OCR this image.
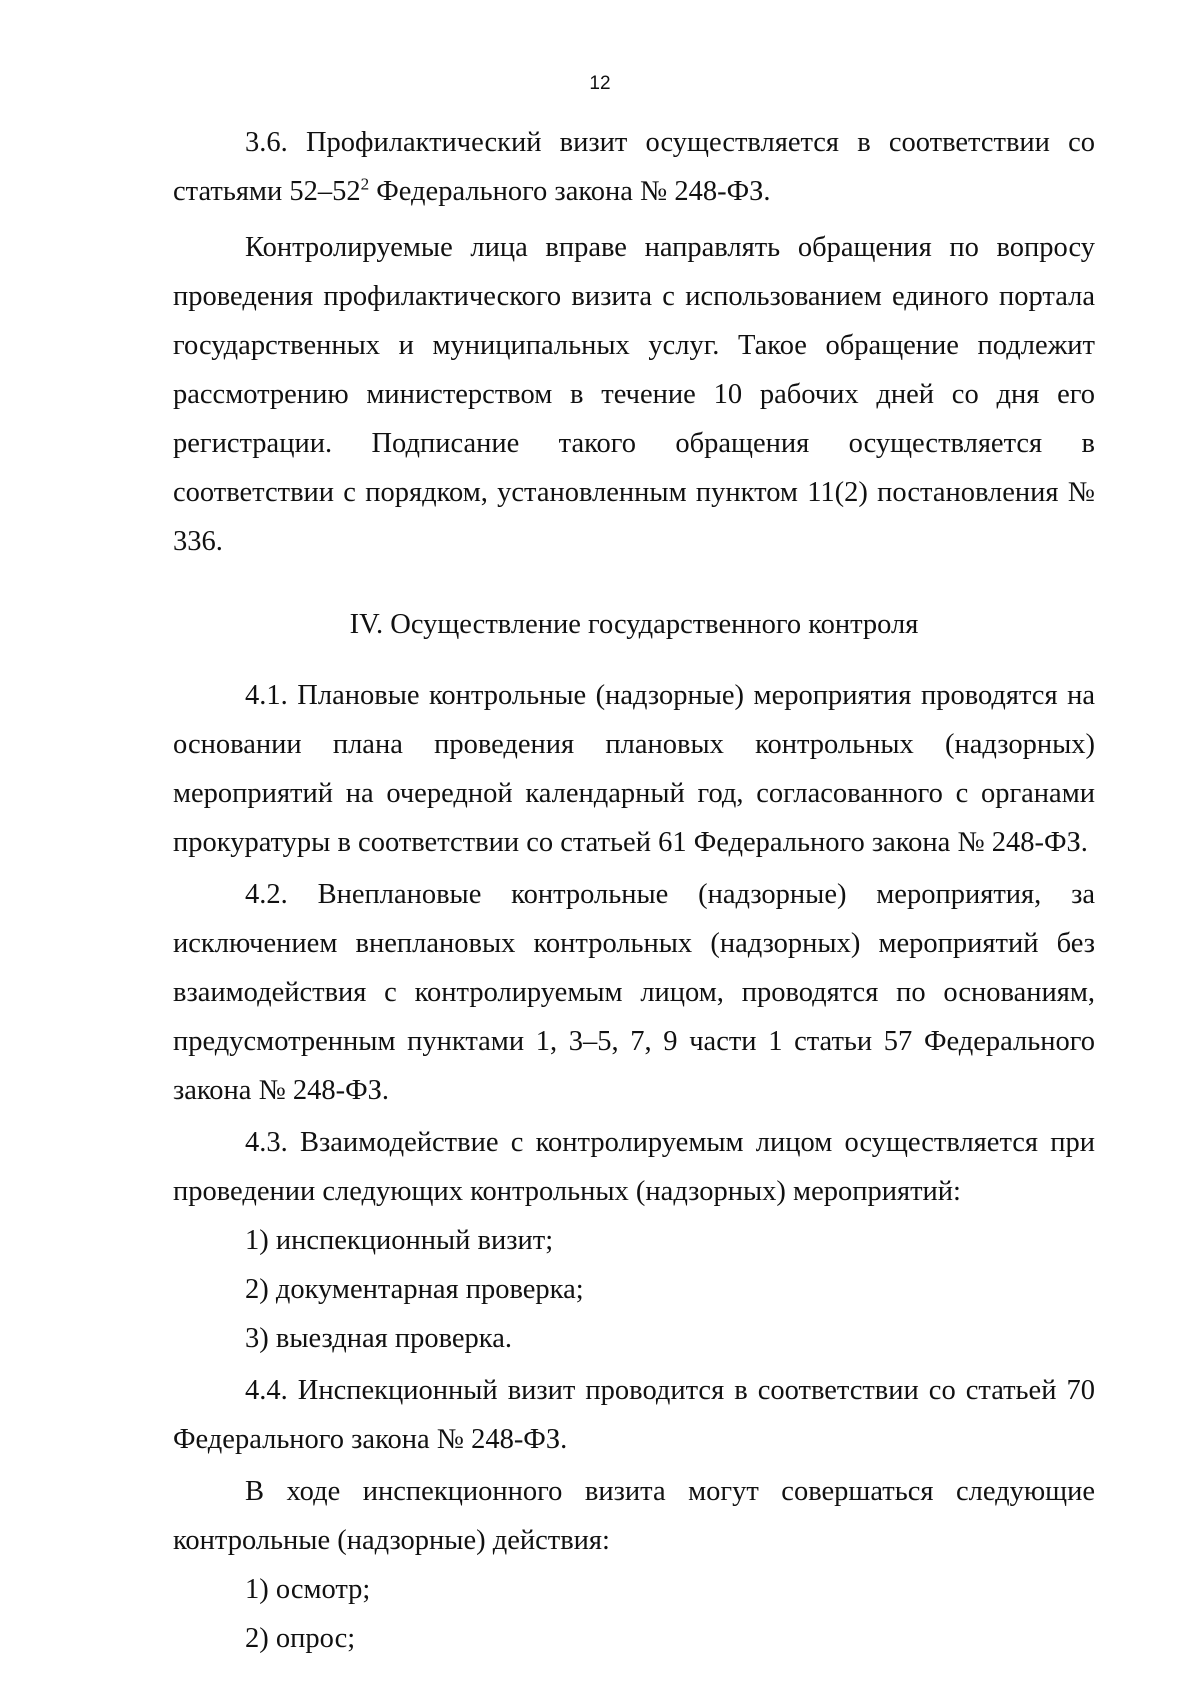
12

3.6. Профилактический визит осуществляется в соответствии со статьями $52-52^2$ Федерального закона № 248-ФЗ.

Контролируемые лица вправе направлять обращения по вопросу проведения профилактического визита с использованием единого портала государственных и муниципальных услуг. Такое обращение подлежит рассмотрению министерством в течение 10 рабочих дней со дня его регистрации. Подписание такого обращения осуществляется в соответствии с порядком, установленным пунктом 11(2) постановления № 336.

IV. Осуществление государственного контроля

4.1. Плановые контрольные (надзорные) мероприятия проводятся на основании плана проведения плановых контрольных (надзорных) мероприятий на очередной календарный год, согласованного с органами прокуратуры в соответствии со статьей 61 Федерального закона № 248-ФЗ.

4.2. Внеплановые контрольные (надзорные) мероприятия, за исключением внеплановых контрольных (надзорных) мероприятий без взаимодействия с контролируемым лицом, проводятся по основаниям, предусмотренным пунктами 1, 3–5, 7, 9 части 1 статьи 57 Федерального закона № 248-ФЗ.

4.3. Взаимодействие с контролируемым лицом осуществляется при проведении следующих контрольных (надзорных) мероприятий:

1) инспекционный визит;

2) документарная проверка;

3) выездная проверка.

4.4. Инспекционный визит проводится в соответствии со статьей 70 Федерального закона № 248-ФЗ.

В ходе инспекционного визита могут совершаться следующие контрольные (надзорные) действия:

1) осмотр;

2) опрос;
